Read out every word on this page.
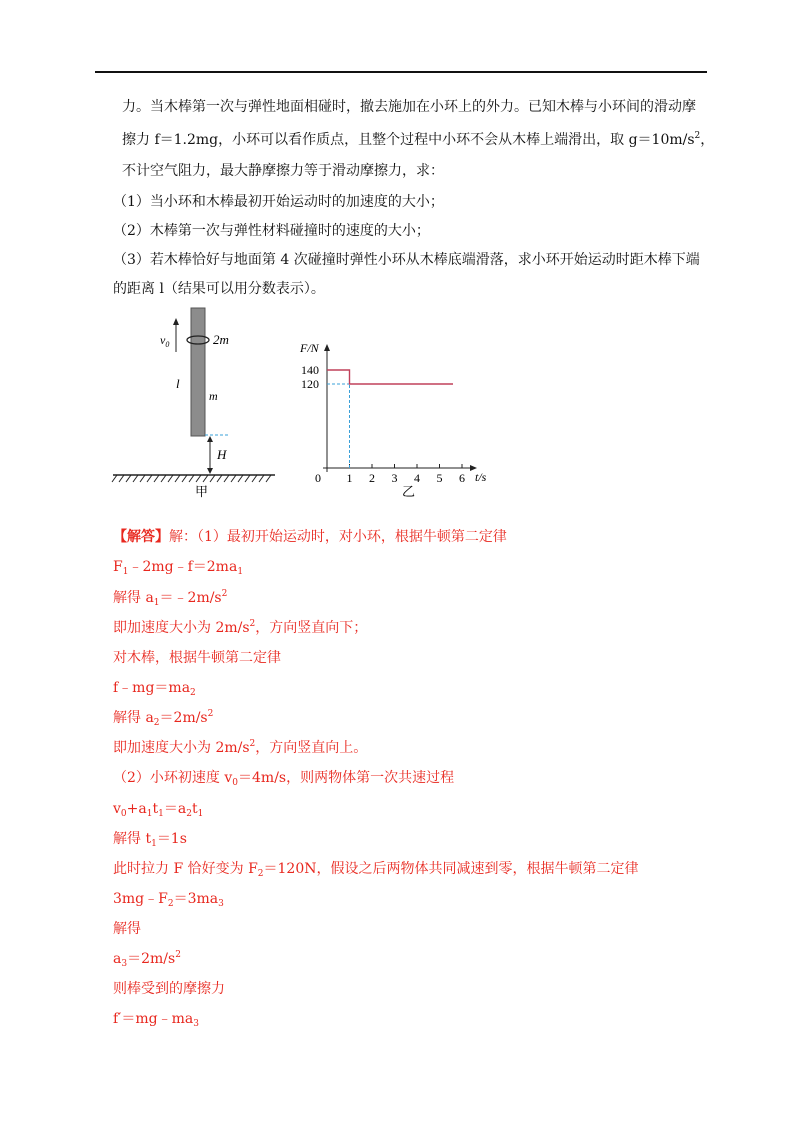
力。当木棒第一次与弹性地面相碰时，撤去施加在小环上的外力。已知木棒与小环间的滑动摩
擦力 f＝1.2mg，小环可以看作质点，且整个过程中小环不会从木棒上端滑出，取 $g=10m/s^2$，
不计空气阻力，最大静摩擦力等于滑动摩擦力，求：
（1）当小环和木棒最初开始运动时的加速度的大小；
（2）木棒第一次与弹性材料碰撞时的速度的大小；
（3）若木棒恰好与地面第 4 次碰撞时弹性小环从木棒底端滑落，求小环开始运动时距木棒下端
的距离 l（结果可以用分数表示）。
$v_0$	2m
l
m
H
甲
F/N
t/s
0 1 2 3 4 5 6
120
140
乙
【解答】解：（1）最初开始运动时，对小环，根据牛顿第二定律
$F_1﹣2mg﹣f=2ma_1$
解得 $a_1=﹣2m/s^2$
即加速度大小为 $2m/s^2$，方向竖直向下；
对木棒，根据牛顿第二定律
$f﹣mg=ma_2$
解得 $a_2=2m/s^2$
即加速度大小为 $2m/s^2$，方向竖直向上。
（2）小环初速度 $v_0=4m/s$，则两物体第一次共速过程
$v_0+a_1t_1=a_2t_1$
解得 $t_1=1s$
此时拉力 F 恰好变为 $F_2=120N$，假设之后两物体共同减速到零，根据牛顿第二定律
$3mg﹣F_2=3ma_3$
解得
$a_3=2m/s^2$
则棒受到的摩擦力
$f'=mg﹣ma_3$
